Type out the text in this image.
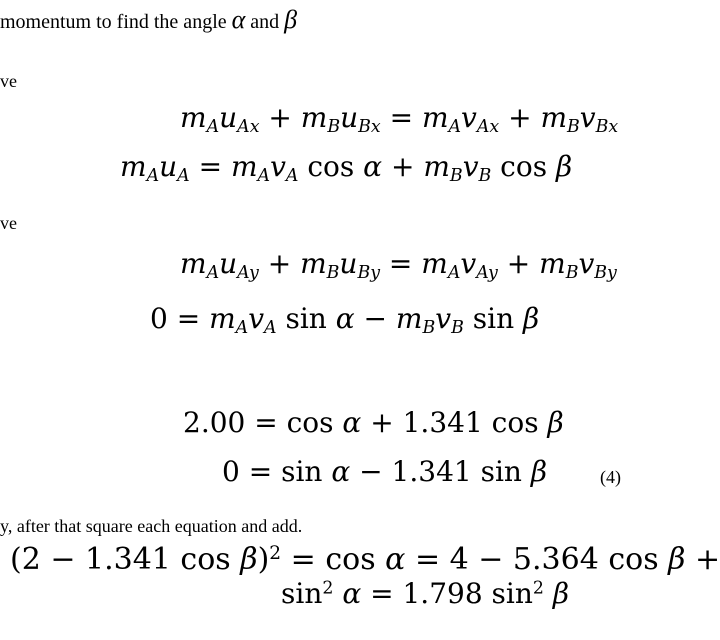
momentum to find the angle α and β
ve
$m_Au_{Ax} + m_Bu_{Bx} = m_Av_{Ax} + m_Bv_{Bx}$
$m_Au_A = m_Av_A$ $\cos \alpha + m_Bv_B$ cos β
ve
$m_Au_{Ay} + m_Bu_{By} = m_Av_{Ay} + m_Bv_{By}$
$0 = m_Av_A$ $\sin \alpha - m_Bv_B$ sin β
2.00 = cos α + 1.341 cos β
0 = sin α − 1.341 sin β	(4)
y, after that square each equation and add.
(2 − 1.341 cos β)$^2$ = cos α = 4 − 5.364 cos β +
$\sin^2 \alpha = 1.798$ $\sin^2 \beta$
